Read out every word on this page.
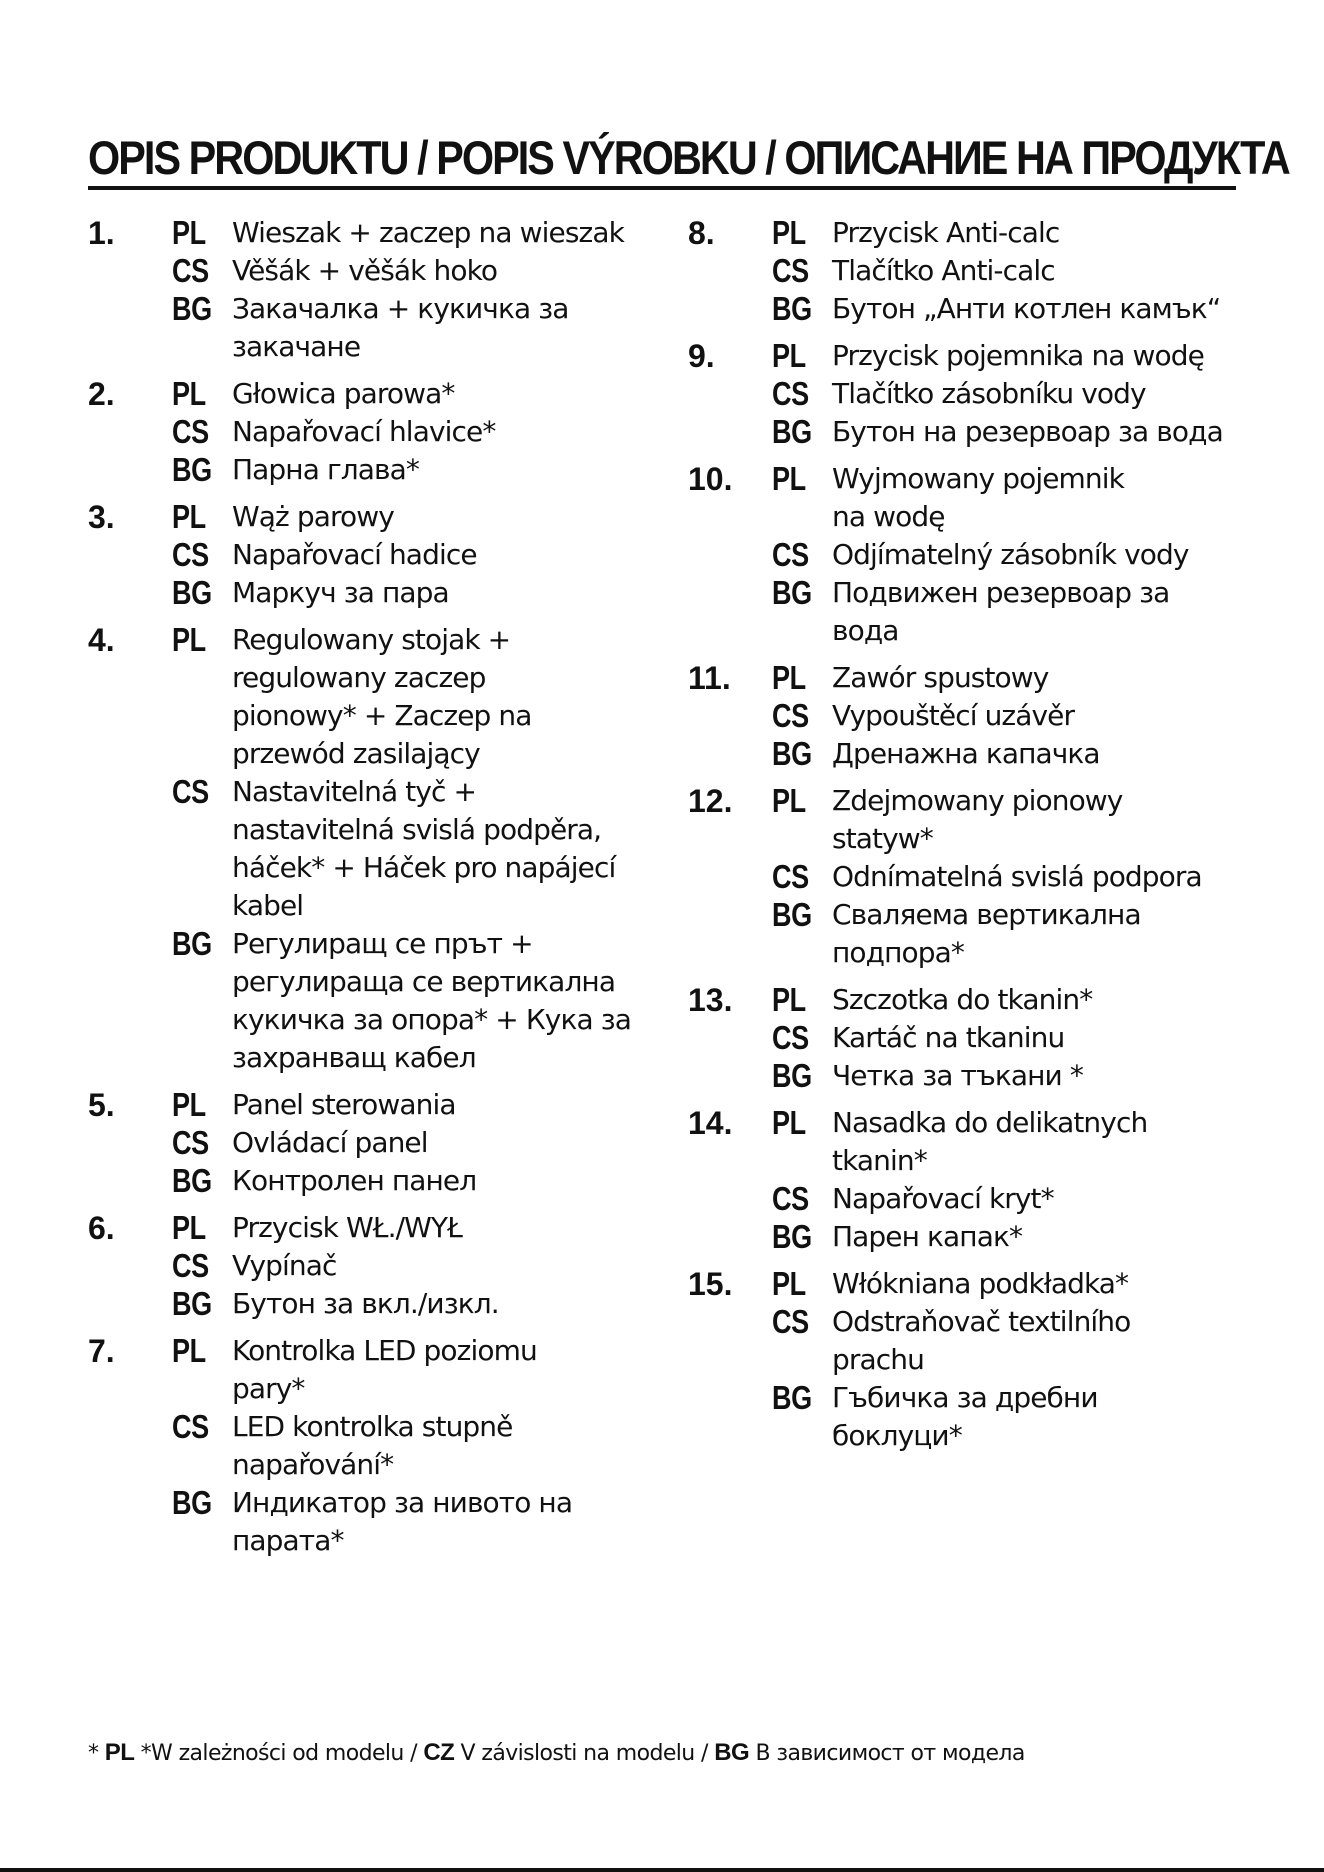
OPIS PRODUKTU / POPIS VÝROBKU / ОПИСАНИЕ НА ПРОДУКТА
1. PL Wieszak + zaczep na wieszak
CS Věšák + věšák hoko
BG Закачалка + кукичка за
закачане
2. PL Głowica parowa*
CS Napařovací hlavice*
BG Парна глава*
3. PL Wąż parowy
CS Napařovací hadice
BG Маркуч за пара
4. PL Regulowany stojak +
regulowany zaczep
pionowy* + Zaczep na
przewód zasilający
CS Nastavitelná tyč +
nastavitelná svislá podpěra,
háček* + Háček pro napájecí
kabel
BG Регулиращ се прът +
регулираща се вертикална
кукичка за опора* + Кука за
захранващ кабел
5. PL Panel sterowania
CS Ovládací panel
BG Контролен панел
6. PL Przycisk WŁ./WYŁ
CS Vypínač
BG Бутон за вкл./изкл.
7. PL Kontrolka LED poziomu
pary*
CS LED kontrolka stupně
napařování*
BG Индикатор за нивото на
парата*
8. PL Przycisk Anti-calc
CS Tlačítko Anti-calc
BG Бутон „Анти котлен камък“
9. PL Przycisk pojemnika na wodę
CS Tlačítko zásobníku vody
BG Бутон на резервоар за вода
10. PL Wyjmowany pojemnik
na wodę
CS Odjímatelný zásobník vody
BG Подвижен резервоар за
вода
11. PL Zawór spustowy
CS Vypouštěcí uzávěr
BG Дренажна капачка
12. PL Zdejmowany pionowy
statyw*
CS Odnímatelná svislá podpora
BG Сваляема вертикална
подпора*
13. PL Szczotka do tkanin*
CS Kartáč na tkaninu
BG Четка за тъкани *
14. PL Nasadka do delikatnych
tkanin*
CS Napařovací kryt*
BG Парен капак*
15. PL Włókniana podkładka*
CS Odstraňovač textilního
prachu
BG Гъбичка за дребни
боклуци*
* PL *W zależności od modelu / CZ V závislosti na modelu / BG В зависимост от модела
